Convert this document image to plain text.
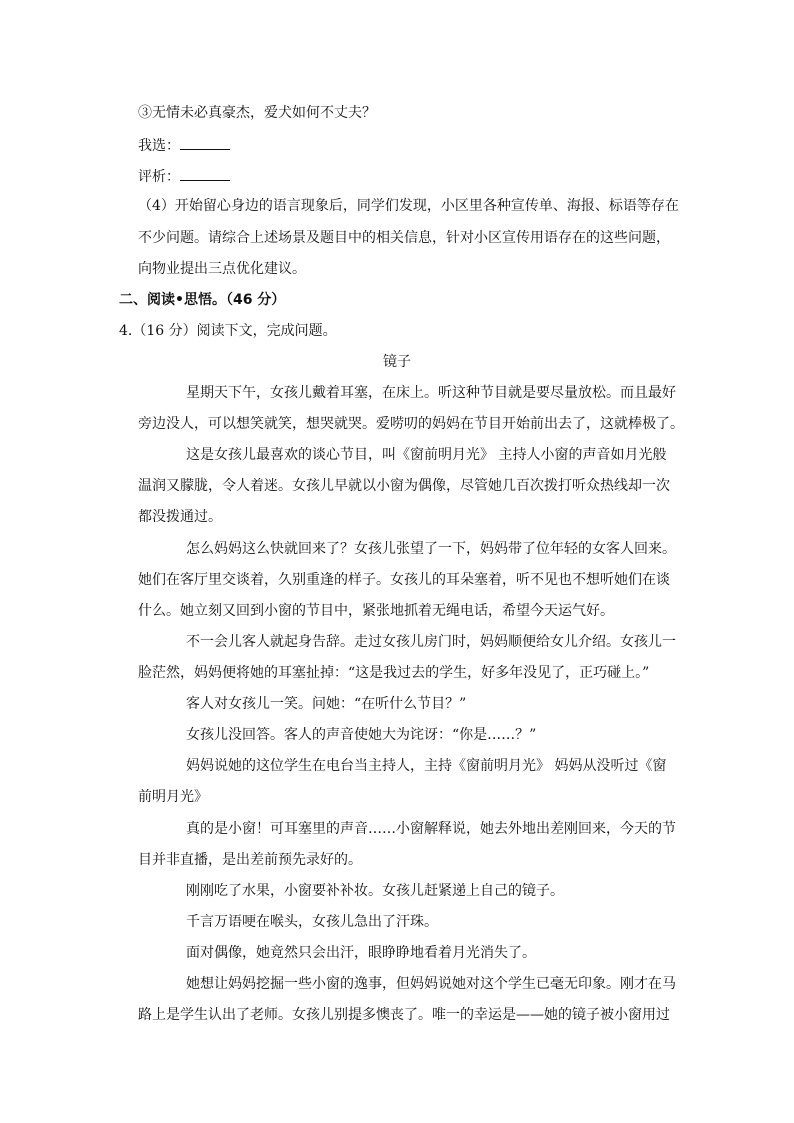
③无情未必真豪杰，爱犬如何不丈夫？
我选：
评析：
（4）开始留心身边的语言现象后，同学们发现，小区里各种宣传单、海报、标语等存在
不少问题。请综合上述场景及题目中的相关信息，针对小区宣传用语存在的这些问题，
向物业提出三点优化建议。
二、阅读•思悟。（46 分）
4.（16 分）阅读下文，完成问题。
镜子
星期天下午，女孩儿戴着耳塞，在床上。听这种节目就是要尽量放松。而且最好
旁边没人，可以想笑就笑，想哭就哭。爱唠叨的妈妈在节目开始前出去了，这就棒极了。
这是女孩儿最喜欢的谈心节目，叫《窗前明月光》 主持人小窗的声音如月光般
温润又朦胧，令人着迷。女孩儿早就以小窗为偶像，尽管她几百次拨打听众热线却一次
都没拨通过。
怎么妈妈这么快就回来了？女孩儿张望了一下，妈妈带了位年轻的女客人回来。
她们在客厅里交谈着，久别重逢的样子。女孩儿的耳朵塞着，听不见也不想听她们在谈
什么。她立刻又回到小窗的节目中，紧张地抓着无绳电话，希望今天运气好。
不一会儿客人就起身告辞。走过女孩儿房门时，妈妈顺便给女儿介绍。女孩儿一
脸茫然，妈妈便将她的耳塞扯掉：“这是我过去的学生，好多年没见了，正巧碰上。”
客人对女孩儿一笑。问她：“在听什么节目？”
女孩儿没回答。客人的声音使她大为诧讶：“你是……？”
妈妈说她的这位学生在电台当主持人，主持《窗前明月光》 妈妈从没听过《窗
前明月光》
真的是小窗！可耳塞里的声音……小窗解释说，她去外地出差刚回来，今天的节
目并非直播，是出差前预先录好的。
刚刚吃了水果，小窗要补补妆。女孩儿赶紧递上自己的镜子。
千言万语哽在喉头，女孩儿急出了汗珠。
面对偶像，她竟然只会出汗，眼睁睁地看着月光消失了。
她想让妈妈挖掘一些小窗的逸事，但妈妈说她对这个学生已毫无印象。刚才在马
路上是学生认出了老师。女孩儿别提多懊丧了。唯一的幸运是——她的镜子被小窗用过
